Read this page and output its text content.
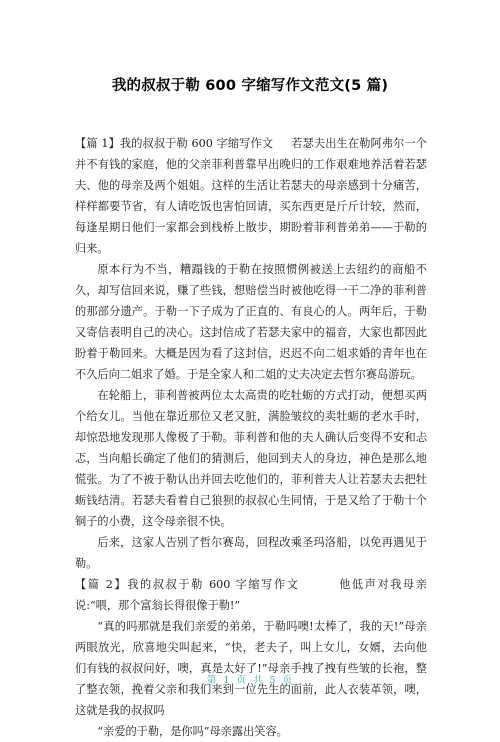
我的叔叔于勒 600 字缩写作文范文(5 篇)

【篇 1】我的叔叔于勒 600 字缩写作文 若瑟夫出生在勒阿弗尔一个并不有钱的家庭，他的父亲菲利普靠早出晚归的工作艰难地养活着若瑟夫、他的母亲及两个姐姐。这样的生活让若瑟夫的母亲感到十分痛苦，样样都要节省，有人请吃饭也害怕回请，买东西更是斤斤计较，然而，每逢星期日他们一家都会到栈桥上散步，期盼着菲利普弟弟——于勒的归来。

原本行为不当，糟蹋钱的于勒在按照惯例被送上去纽约的商船不久，却写信回来说，赚了些钱，想赔偿当时被他吃得一干二净的菲利普的那部分遗产。于勒一下子成为了正直的、有良心的人。两年后，于勒又寄信表明自己的决心。这封信成了若瑟夫家中的福音，大家也都因此盼着于勒回来。大概是因为看了这封信，迟迟不向二姐求婚的青年也在不久后向二姐求了婚。于是全家人和二姐的丈夫决定去哲尔赛岛游玩。

在轮船上，菲利普被两位太太高贵的吃牡蛎的方式打动，便想买两个给女儿。当他在靠近那位又老又脏，满脸皱纹的卖牡蛎的老水手时，却惊恐地发现那人像极了于勒。菲利普和他的夫人确认后变得不安和忐忑，当向船长确定了他们的猜测后，他回到夫人的身边，神色是那么地慌张。为了不被于勒认出并回去吃他们的，菲利普夫人让若瑟夫去把牡蛎钱结清。若瑟夫看着自己狼狈的叔叔心生同情，于是又给了于勒十个铜子的小费，这令母亲很不快。

后来，这家人告别了哲尔赛岛，回程改乘圣玛洛船，以免再遇见于勒。

【篇 2】我的叔叔于勒 600 字缩写作文	他低声对我母亲说:“喂，那个富翁长得很像于勒!”

“真的吗那就是我们亲爱的弟弟，于勒吗噢!太棒了，我的天!”母亲两眼放光，欣喜地尖叫起来，“快，老夫子，叫上女儿，女婿，去向他们有钱的叔叔问好，噢，真是太好了!”母亲手拽了拽有些皱的长袍，整了整衣领，挽着父亲和我们来到一位先生的面前，此人衣装革领，噢，这就是我的叔叔吗

“亲爱的于勒，是你吗”母亲露出笑容。

第 1 页 共 5 页
